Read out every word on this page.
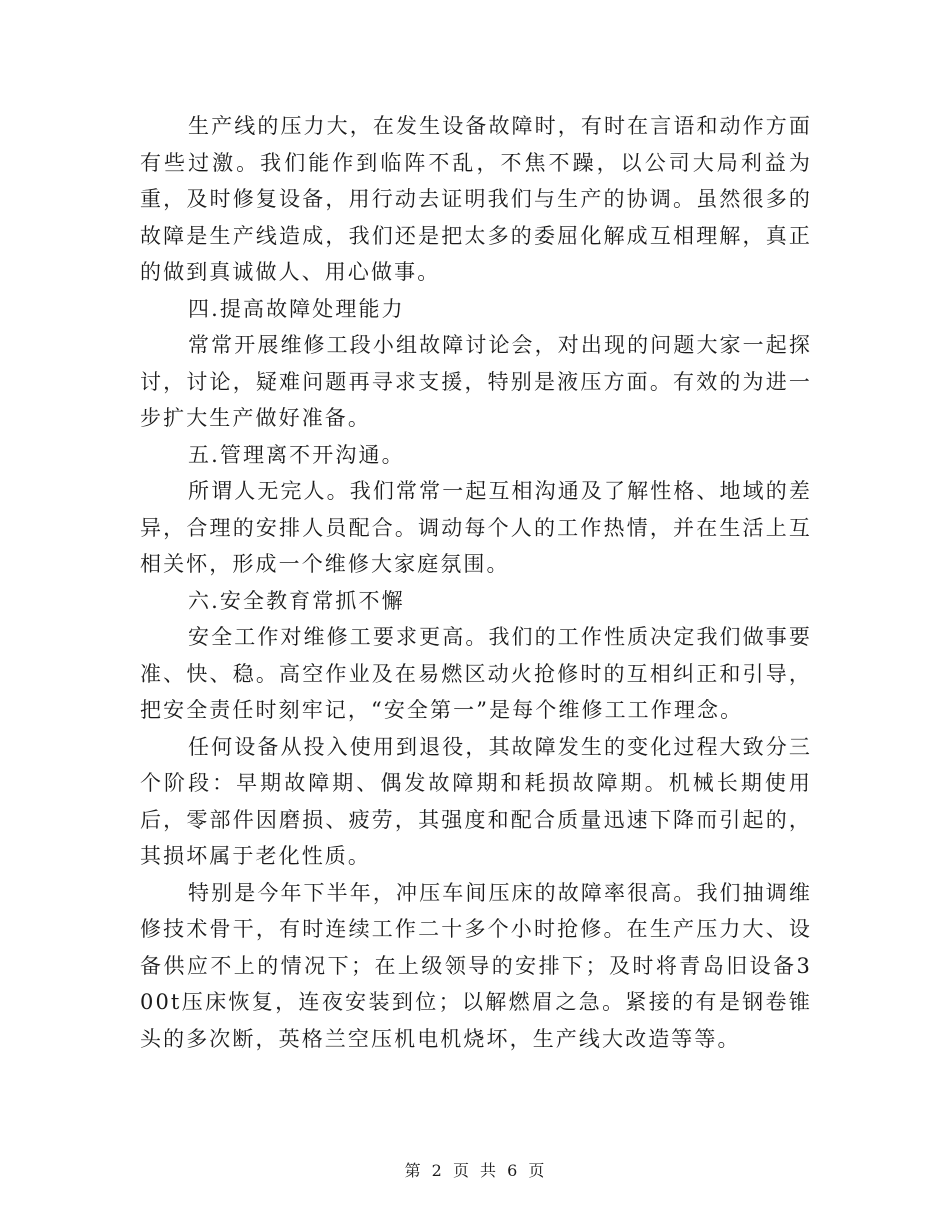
生产线的压力大，在发生设备故障时，有时在言语和动作方面有些过激。我们能作到临阵不乱，不焦不躁，以公司大局利益为重，及时修复设备，用行动去证明我们与生产的协调。虽然很多的故障是生产线造成，我们还是把太多的委屈化解成互相理解，真正的做到真诚做人、用心做事。

四.提高故障处理能力

常常开展维修工段小组故障讨论会，对出现的问题大家一起探讨，讨论，疑难问题再寻求支援，特别是液压方面。有效的为进一步扩大生产做好准备。

五.管理离不开沟通。

所谓人无完人。我们常常一起互相沟通及了解性格、地域的差异，合理的安排人员配合。调动每个人的工作热情，并在生活上互相关怀，形成一个维修大家庭氛围。

六.安全教育常抓不懈

安全工作对维修工要求更高。我们的工作性质决定我们做事要准、快、稳。高空作业及在易燃区动火抢修时的互相纠正和引导，把安全责任时刻牢记，“安全第一”是每个维修工工作理念。

任何设备从投入使用到退役，其故障发生的变化过程大致分三个阶段：早期故障期、偶发故障期和耗损故障期。机械长期使用后，零部件因磨损、疲劳，其强度和配合质量迅速下降而引起的，其损坏属于老化性质。

特别是今年下半年，冲压车间压床的故障率很高。我们抽调维修技术骨干，有时连续工作二十多个小时抢修。在生产压力大、设备供应不上的情况下；在上级领导的安排下；及时将青岛旧设备300t压床恢复，连夜安装到位；以解燃眉之急。紧接的有是钢卷锥头的多次断，英格兰空压机电机烧坏，生产线大改造等等。

第 2 页 共 6 页
